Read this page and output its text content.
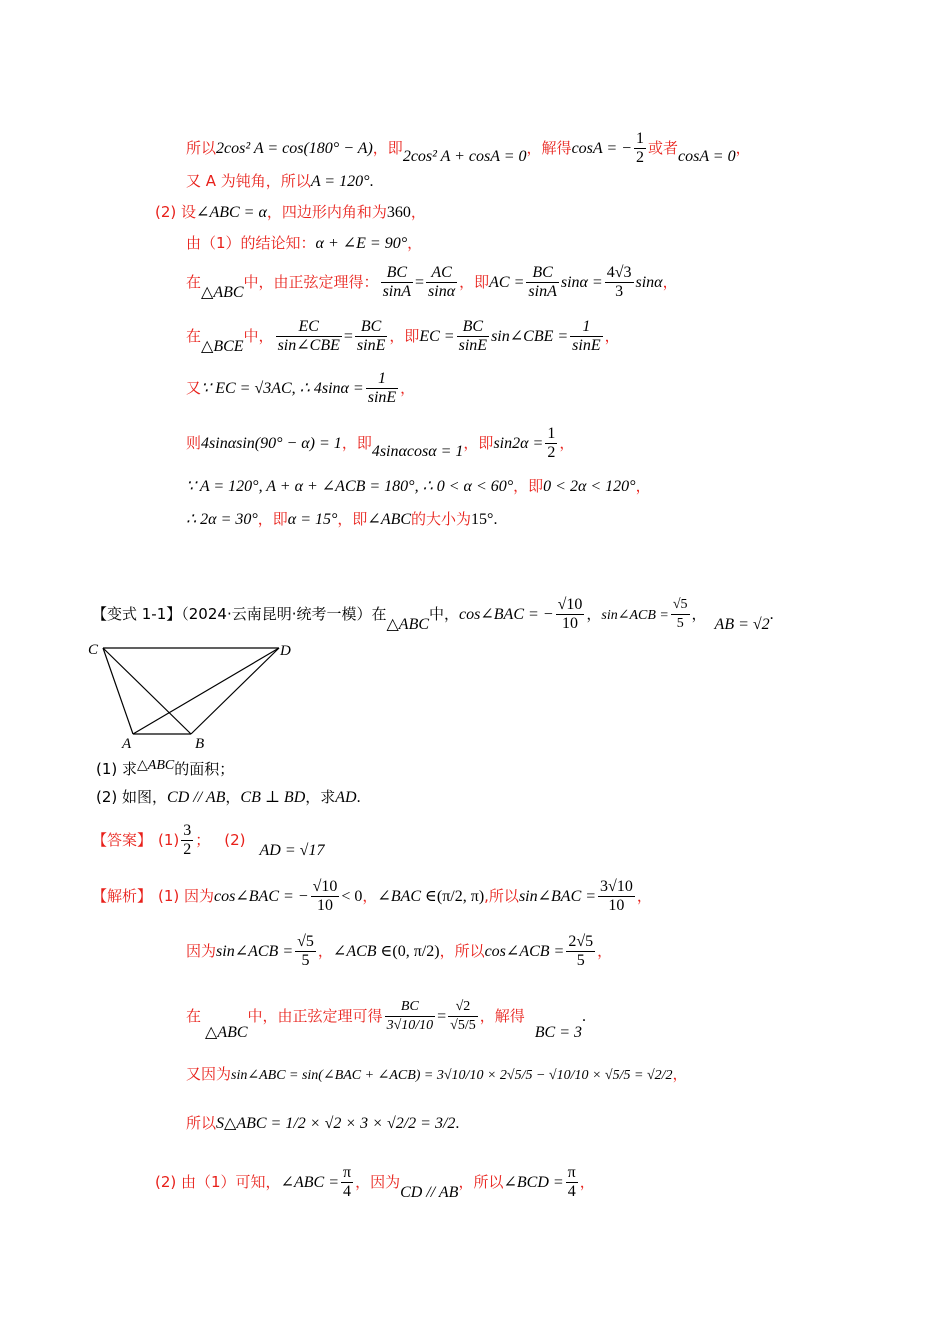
所以2cos² A = cos(180° − A)，即2cos² A + cosA = 0，解得cosA = − $\frac{1}{2}$ 或者cosA = 0，
又 A 为钝角，所以A = 120°.
(2) 设∠ABC = α，四边形内角和为360，
由（1）的结论知：α + ∠E = 90°，
在△ABC中，由正弦定理得： $\frac{BC}{\sin A} = \frac{AC}{\sin\alpha}$ ，即AC = $\frac{BC}{\sin A}$ $\sin\alpha = \frac{4√3}{3}$ sinα，
在△BCE中， $\frac{EC}{\text{sin∠CBE}} = \frac{BC}{\sin E}$ ，即EC = $\frac{BC}{\sin E}$ sin∠CBE = $\frac{1}{\sin E}$ ，
又∵ EC = √3AC, ∴ $4\sin\alpha = \frac{1}{\sin E}$ ，
则4sinαsin(90° − α) = 1，即4sinαcosα = 1，即$\sin 2\alpha = \frac{1}{2}$ ，
∵ A = 120°, A + α + ∠ACB = 180°, ∴ 0 < α < 60°，即0 < 2α < 120°，
∴ 2α = 30°，即α = 15°，即∠ABC的大小为15°.
【变式 1-1】（2024·云南昆明·统考一模）在△ABC中，cos∠BAC = − $\frac{√10}{10}$ ，sin∠ACB = $\frac{√5}{5}$ ，AB = √2.
C	D
A	B
(1) 求△ABC的面积；
(2) 如图，CD // AB，CB ⊥ BD，求AD.
【答案】 $(1) \frac{3}{2}$ ； (2)AD = √17
【解析】 (1) 因为cos∠BAC = − $\frac{√10}{10} < 0$，∠BAC ∈(π/2, π),所以sin∠BAC = $\frac{3√10}{10}$ ，
因为sin∠ACB = $\frac{√5}{5}$ ，∠ACB ∈(0, π/2)，所以cos∠ACB = $\frac{2√5}{5}$ ，
在△ABC中，由正弦定理可得 $\frac{BC}{3√10/10} = \frac{√2}{√5/5}$ ，解得BC = 3.
又因为sin∠ABC = sin(∠BAC + ∠ACB) = 3√10/10 × 2√5/5 − √10/10 × √5/5 = √2/2，
所以S△ABC = 1/2 × √2 × 3 × √2/2 = 3/2.
(2) 由（1）可知，∠ABC = $\frac{\pi}{4}$ ，因为CD // AB，所以∠BCD = $\frac{\pi}{4}$ ，
